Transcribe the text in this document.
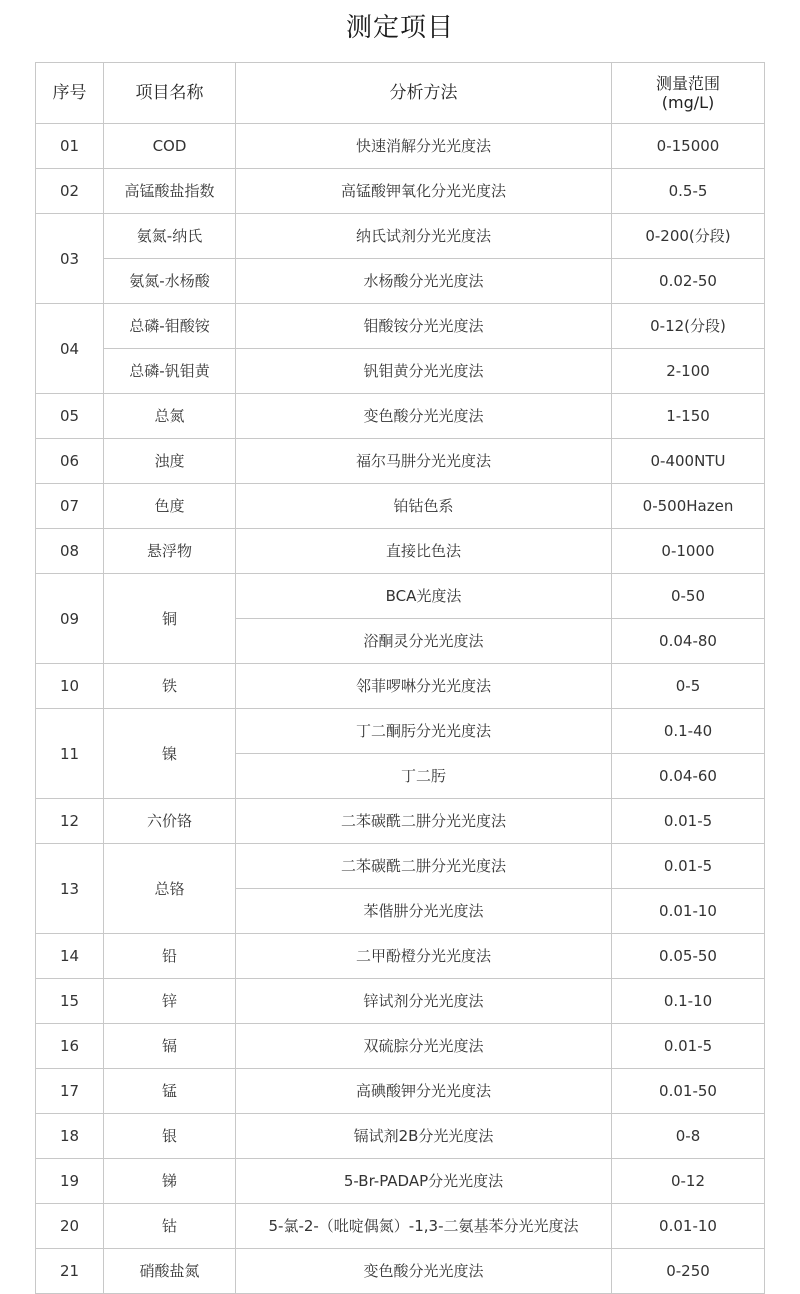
测定项目
序号	项目名称	分析方法	测量范围
(mg/L)
01	COD	快速消解分光光度法	0-15000
02	高锰酸盐指数	高锰酸钾氧化分光光度法	0.5-5
03	氨氮-纳氏	纳氏试剂分光光度法	0-200(分段)
	氨氮-水杨酸	水杨酸分光光度法	0.02-50
04	总磷-钼酸铵	钼酸铵分光光度法	0-12(分段)
	总磷-钒钼黄	钒钼黄分光光度法	2-100
05	总氮	变色酸分光光度法	1-150
06	浊度	福尔马肼分光光度法	0-400NTU
07	色度	铂钴色系	0-500Hazen
08	悬浮物	直接比色法	0-1000
09	铜	BCA光度法	0-50
		浴酮灵分光光度法	0.04-80
10	铁	邻菲啰啉分光光度法	0-5
11	镍	丁二酮肟分光光度法	0.1-40
		丁二肟	0.04-60
12	六价铬	二苯碳酰二肼分光光度法	0.01-5
13	总铬	二苯碳酰二肼分光光度法	0.01-5
		苯偕肼分光光度法	0.01-10
14	铅	二甲酚橙分光光度法	0.05-50
15	锌	锌试剂分光光度法	0.1-10
16	镉	双硫腙分光光度法	0.01-5
17	锰	高碘酸钾分光光度法	0.01-50
18	银	镉试剂2B分光光度法	0-8
19	锑	5-Br-PADAP分光光度法	0-12
20	钴	5-氯-2-（吡啶偶氮）-1,3-二氨基苯分光光度法	0.01-10
21	硝酸盐氮	变色酸分光光度法	0-250
